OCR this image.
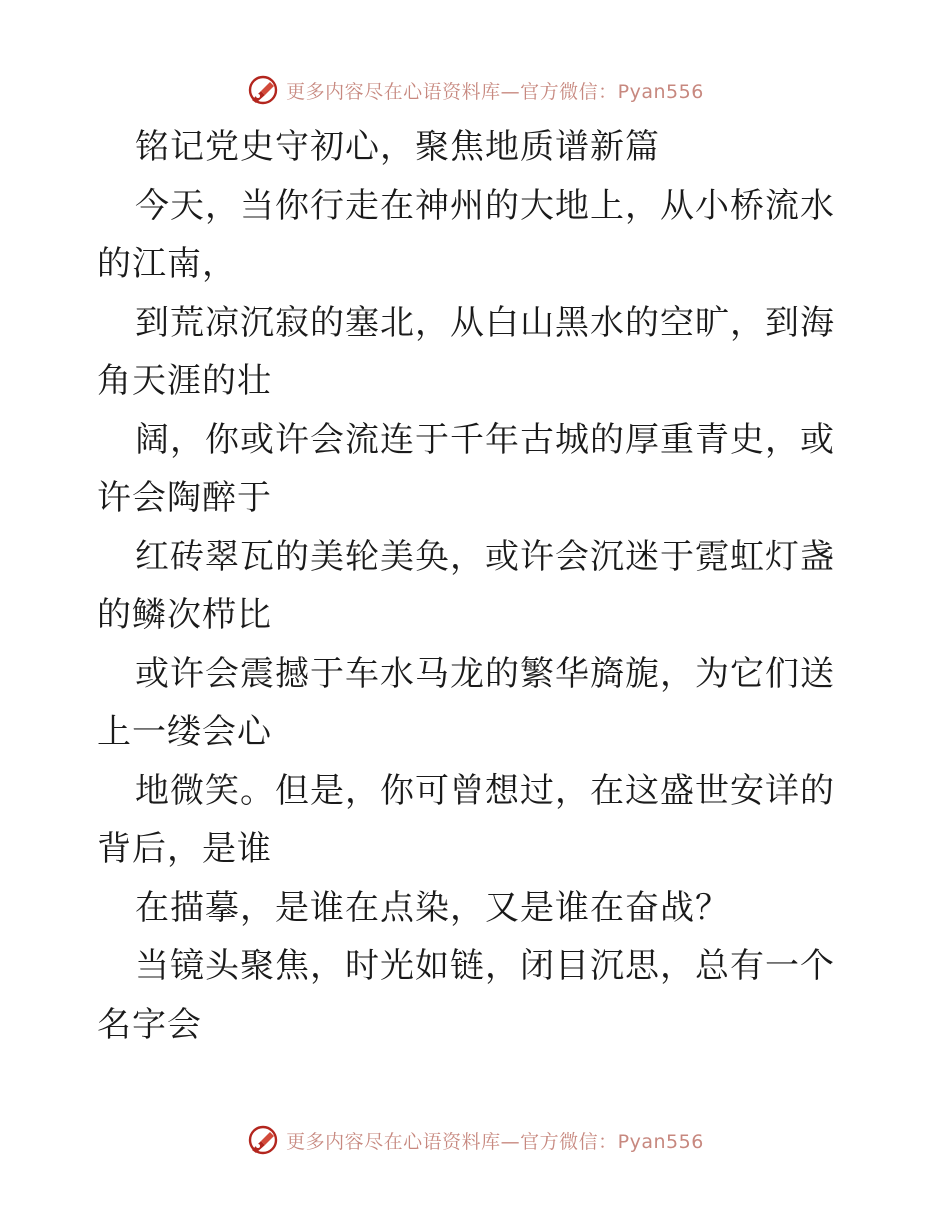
更多内容尽在心语资料库—官方微信：Pyan556

铭记党史守初心，聚焦地质谱新篇

今天，当你行走在神州的大地上，从小桥流水的江南，

到荒凉沉寂的塞北，从白山黑水的空旷，到海角天涯的壮

阔，你或许会流连于千年古城的厚重青史，或许会陶醉于

红砖翠瓦的美轮美奂，或许会沉迷于霓虹灯盏的鳞次栉比

或许会震撼于车水马龙的繁华旖旎，为它们送上一缕会心

地微笑。但是，你可曾想过，在这盛世安详的背后，是谁

在描摹，是谁在点染，又是谁在奋战？

当镜头聚焦，时光如链，闭目沉思，总有一个名字会

更多内容尽在心语资料库—官方微信：Pyan556
